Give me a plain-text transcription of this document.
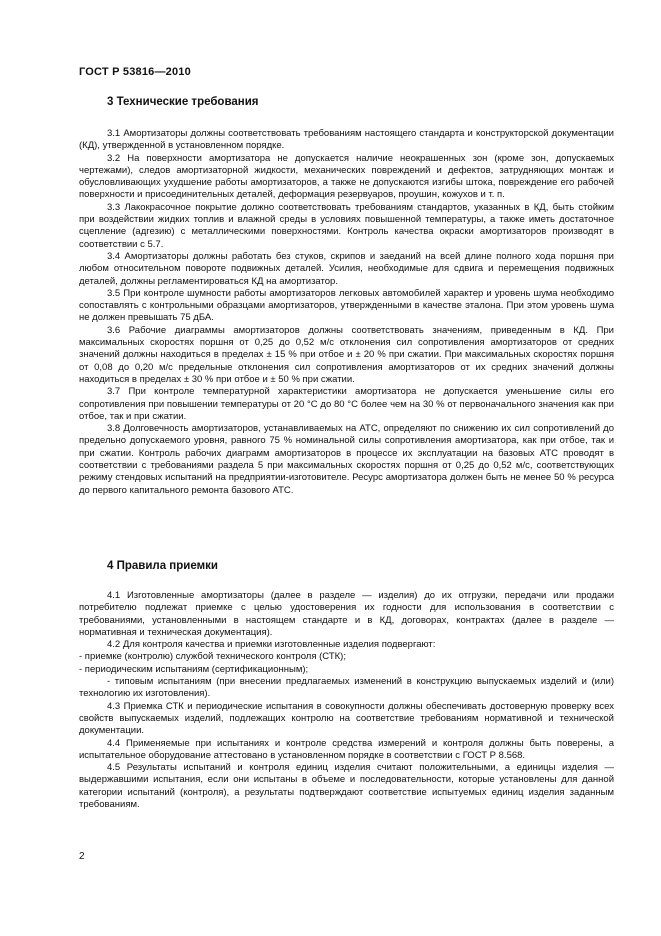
ГОСТ Р 53816—2010
3 Технические требования

3.1 Амортизаторы должны соответствовать требованиям настоящего стандарта и конструкторской документации (КД), утвержденной в установленном порядке.

3.2 На поверхности амортизатора не допускается наличие неокрашенных зон (кроме зон, допускаемых чертежами), следов амортизаторной жидкости, механических повреждений и дефектов, затрудняющих монтаж и обусловливающих ухудшение работы амортизаторов, а также не допускаются изгибы штока, повреждение его рабочей поверхности и присоединительных деталей, деформация резервуаров, проушин, кожухов и т. п.

3.3 Лакокрасочное покрытие должно соответствовать требованиям стандартов, указанных в КД, быть стойким при воздействии жидких топлив и влажной среды в условиях повышенной температуры, а также иметь достаточное сцепление (адгезию) с металлическими поверхностями. Контроль качества окраски амортизаторов производят в соответствии с 5.7.

3.4 Амортизаторы должны работать без стуков, скрипов и заеданий на всей длине полного хода поршня при любом относительном повороте подвижных деталей. Усилия, необходимые для сдвига и перемещения подвижных деталей, должны регламентироваться КД на амортизатор.

3.5 При контроле шумности работы амортизаторов легковых автомобилей характер и уровень шума необходимо сопоставлять с контрольными образцами амортизаторов, утвержденными в качестве эталона. При этом уровень шума не должен превышать 75 дБА.

3.6 Рабочие диаграммы амортизаторов должны соответствовать значениям, приведенным в КД. При максимальных скоростях поршня от 0,25 до 0,52 м/с отклонения сил сопротивления амортизаторов от средних значений должны находиться в пределах ± 15 % при отбое и ± 20 % при сжатии. При максимальных скоростях поршня от 0,08 до 0,20 м/с предельные отклонения сил сопротивления амортизаторов от их средних значений должны находиться в пределах ± 30 % при отбое и ± 50 % при сжатии.

3.7 При контроле температурной характеристики амортизатора не допускается уменьшение силы его сопротивления при повышении температуры от 20 °С до 80 °С более чем на 30 % от первоначального значения как при отбое, так и при сжатии.

3.8 Долговечность амортизаторов, устанавливаемых на АТС, определяют по снижению их сил сопротивлений до предельно допускаемого уровня, равного 75 % номинальной силы сопротивления амортизатора, как при отбое, так и при сжатии. Контроль рабочих диаграмм амортизаторов в процессе их эксплуатации на базовых АТС проводят в соответствии с требованиями раздела 5 при максимальных скоростях поршня от 0,25 до 0,52 м/с, соответствующих режиму стендовых испытаний на предприятии-изготовителе. Ресурс амортизатора должен быть не менее 50 % ресурса до первого капитального ремонта базового АТС.

4 Правила приемки

4.1 Изготовленные амортизаторы (далее в разделе — изделия) до их отгрузки, передачи или продажи потребителю подлежат приемке с целью удостоверения их годности для использования в соответствии с требованиями, установленными в настоящем стандарте и в КД, договорах, контрактах (далее в разделе — нормативная и техническая документация).

4.2 Для контроля качества и приемки изготовленные изделия подвергают:

- приемке (контролю) службой технического контроля (СТК);

- периодическим испытаниям (сертификационным);

- типовым испытаниям (при внесении предлагаемых изменений в конструкцию выпускаемых изделий и (или) технологию их изготовления).

4.3 Приемка СТК и периодические испытания в совокупности должны обеспечивать достоверную проверку всех свойств выпускаемых изделий, подлежащих контролю на соответствие требованиям нормативной и технической документации.

4.4 Применяемые при испытаниях и контроле средства измерений и контроля должны быть поверены, а испытательное оборудование аттестовано в установленном порядке в соответствии с ГОСТ Р 8.568.

4.5 Результаты испытаний и контроля единиц изделия считают положительными, а единицы изделия — выдержавшими испытания, если они испытаны в объеме и последовательности, которые установлены для данной категории испытаний (контроля), а результаты подтверждают соответствие испытуемых единиц изделия заданным требованиям.

2
